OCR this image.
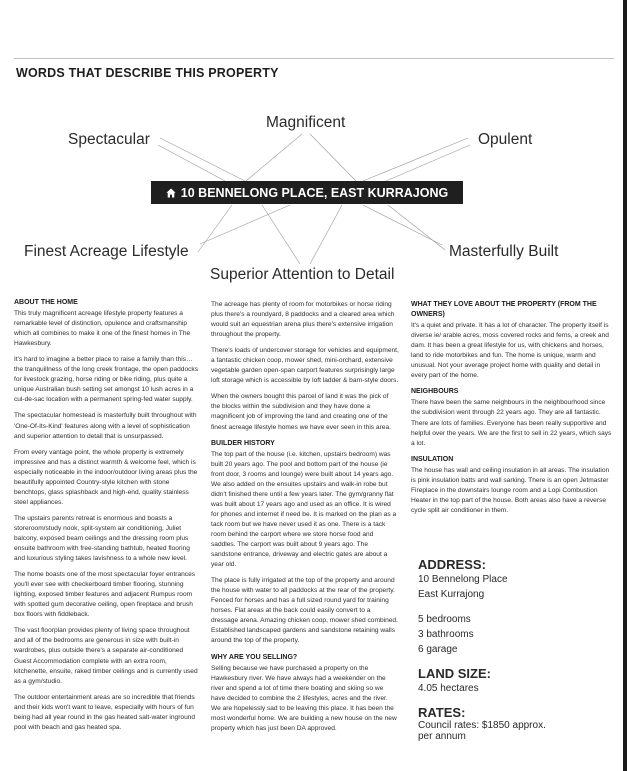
WORDS THAT DESCRIBE THIS PROPERTY
Magnificent
Spectacular	Opulent
Finest Acreage Lifestyle	Masterfully Built
Superior Attention to Detail
10 BENNELONG PLACE, EAST KURRAJONG
ABOUT THE HOME

This truly magnificent acreage lifestyle property features a remarkable level of distinction, opulence and craftsmanship which all combines to make it one of the finest homes in The Hawkesbury.

It's hard to imagine a better place to raise a family than this… the tranquillness of the long creek frontage, the open paddocks for livestock grazing, horse riding or bike riding, plus quite a unique Australian bush setting set amongst 10 lush acres in a cul-de-sac location with a permanent spring-fed water supply.

The spectacular homestead is masterfully built throughout with 'One-Of-Its-Kind' features along with a level of sophistication and superior attention to detail that is unsurpassed.

From every vantage point, the whole property is extremely impressive and has a distinct warmth & welcome feel, which is especially noticeable in the indoor/outdoor living areas plus the beautifully appointed Country-style kitchen with stone benchtops, glass splashback and high-end, quality stainless steel appliances.

The upstairs parents retreat is enormous and boasts a storeroom/study nook, split-system air conditioning, Juliet balcony, exposed beam ceilings and the dressing room plus ensuite bathroom with free-standing bathtub, heated flooring and luxurious styling takes lavishness to a whole new level.

The home boasts one of the most spectacular foyer entrances you'll ever see with checkerboard timber flooring, stunning lighting, exposed timber features and adjacent Rumpus room with spotted gum decorative ceiling, open fireplace and brush box floors with fiddleback.

The vast floorplan provides plenty of living space throughout and all of the bedrooms are generous in size with built-in wardrobes, plus outside there's a separate air-conditioned Guest Accommodation complete with an extra room, kitchenette, ensuite, raked timber ceilings and is currently used as a gym/studio.

The outdoor entertainment areas are so incredible that friends and their kids won't want to leave, especially with hours of fun being had all year round in the gas heated salt-water inground pool with beach and gas heated spa.

The acreage has plenty of room for motorbikes or horse riding plus there's a roundyard, 8 paddocks and a cleared area which would suit an equestrian arena plus there's extensive irrigation throughout the property.

There's loads of undercover storage for vehicles and equipment, a fantastic chicken coop, mower shed, mini-orchard, extensive vegetable garden open-span carport features surprisingly large loft storage which is accessible by loft ladder & barn-style doors.

When the owners bought this parcel of land it was the pick of the blocks within the subdivision and they have done a magnificent job of improving the land and creating one of the finest acreage lifestyle homes we have ever seen in this area.

BUILDER HISTORY

The top part of the house (i.e. kitchen, upstairs bedroom) was built 20 years ago. The pool and bottom part of the house (ie front door, 3 rooms and lounge) were built about 14 years ago. We also added on the ensuites upstairs and walk-in robe but didn't finished there until a few years later. The gym/granny flat was built about 17 years ago and used as an office. It is wired for phones and internet if need be. It is marked on the plan as a tack room but we have never used it as one. There is a tack room behind the carport where we store horse food and saddles. The carport was built about 9 years ago. The sandstone entrance, driveway and electric gates are about a year old.

The place is fully irrigated at the top of the property and around the house with water to all paddocks at the rear of the property. Fenced for horses and has a full sized round yard for training horses. Flat areas at the back could easily convert to a dressage arena. Amazing chicken coop, mower shed combined. Established landscaped gardens and sandstone retaining walls around the top of the property.

WHY ARE YOU SELLING?

Selling because we have purchased a property on the Hawkesbury river. We have always had a weekender on the river and spend a lot of time there boating and skiing so we have decided to combine the 2 lifestyles, acres and the river. We are hopelessly sad to be leaving this place. It has been the most wonderful home. We are building a new house on the new property which has just been DA approved.

WHAT THEY LOVE ABOUT THE PROPERTY (FROM THE OWNERS)

It's a quiet and private. It has a lot of character. The property itself is diverse ie/ arable acres, moss covered rocks and ferns, a creek and dam. It has been a great lifestyle for us, with chickens and horses, land to ride motorbikes and fun. The home is unique, warm and unusual. Not your average project home with quality and detail in every part of the home.

NEIGHBOURS

There have been the same neighbours in the neighbourhood since the subdivision went through 22 years ago. They are all fantastic. There are lots of families. Everyone has been really supportive and helpful over the years. We are the first to sell in 22 years, which says a lot.

INSULATION

The house has wall and ceiling insulation in all areas. The insulation is pink insulation batts and wall sarking. There is an open Jetmaster Fireplace in the downstairs lounge room and a Lopi Combustion Heater in the top part of the house. Both areas also have a reverse cycle split air conditioner in them.

ADDRESS:
10 Bennelong Place
East Kurrajong
5 bedrooms
3 bathrooms
6 garage
LAND SIZE:
4.05 hectares
RATES:
Council rates: $1850 approx.
per annum
